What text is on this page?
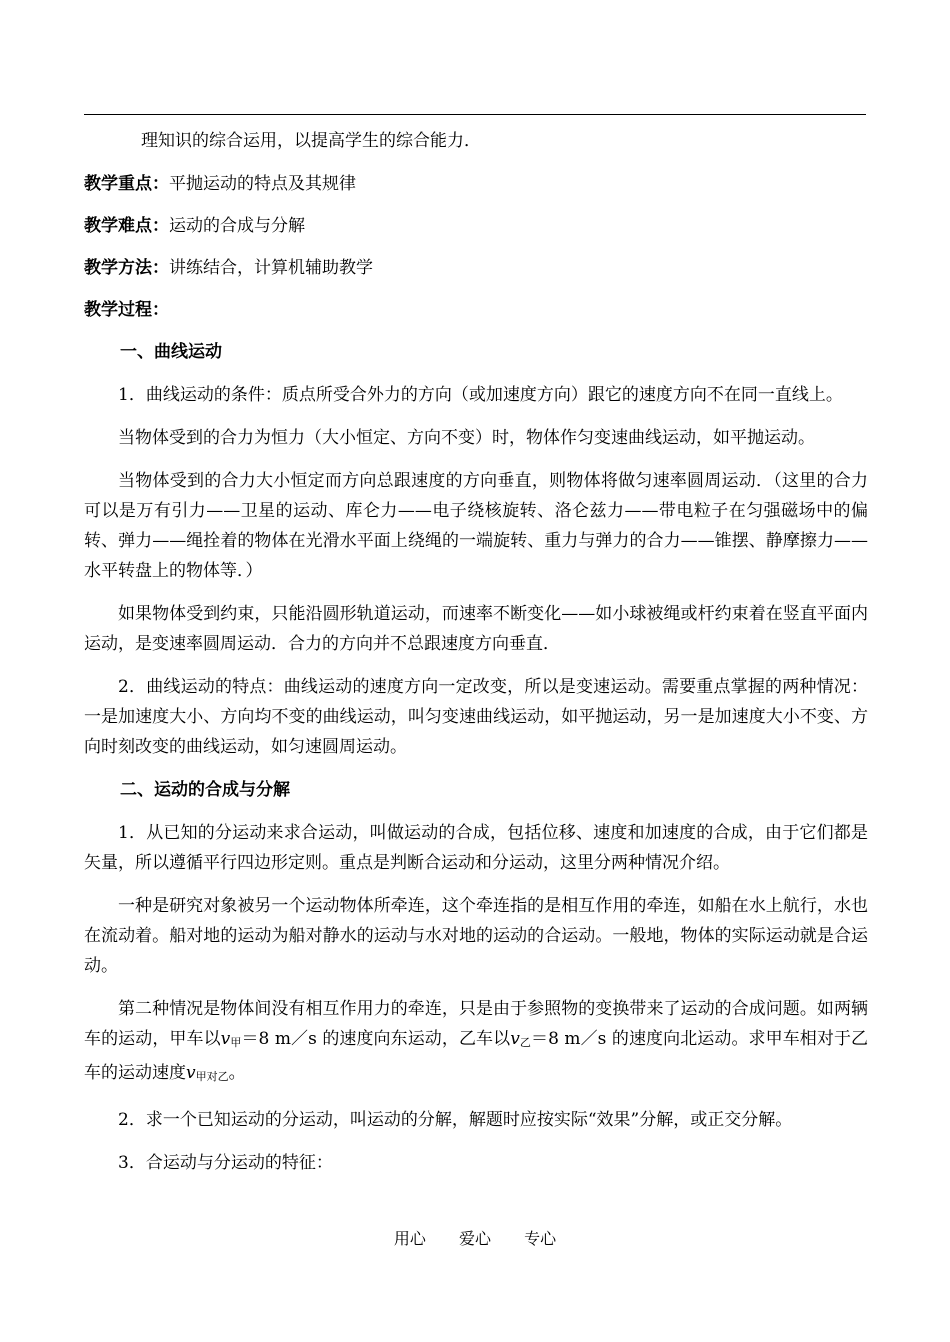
理知识的综合运用，以提高学生的综合能力．

教学重点：平抛运动的特点及其规律

教学难点：运动的合成与分解

教学方法：讲练结合，计算机辅助教学

教学过程：

一、曲线运动

1．曲线运动的条件：质点所受合外力的方向（或加速度方向）跟它的速度方向不在同一直线上。

当物体受到的合力为恒力（大小恒定、方向不变）时，物体作匀变速曲线运动，如平抛运动。

当物体受到的合力大小恒定而方向总跟速度的方向垂直，则物体将做匀速率圆周运动．（这里的合力可以是万有引力——卫星的运动、库仑力——电子绕核旋转、洛仑兹力——带电粒子在匀强磁场中的偏转、弹力——绳拴着的物体在光滑水平面上绕绳的一端旋转、重力与弹力的合力——锥摆、静摩擦力——水平转盘上的物体等．）

如果物体受到约束，只能沿圆形轨道运动，而速率不断变化——如小球被绳或杆约束着在竖直平面内运动，是变速率圆周运动．合力的方向并不总跟速度方向垂直．

2．曲线运动的特点：曲线运动的速度方向一定改变，所以是变速运动。需要重点掌握的两种情况：一是加速度大小、方向均不变的曲线运动，叫匀变速曲线运动，如平抛运动，另一是加速度大小不变、方向时刻改变的曲线运动，如匀速圆周运动。

二、运动的合成与分解

1．从已知的分运动来求合运动，叫做运动的合成，包括位移、速度和加速度的合成，由于它们都是矢量，所以遵循平行四边形定则。重点是判断合运动和分运动，这里分两种情况介绍。

一种是研究对象被另一个运动物体所牵连，这个牵连指的是相互作用的牵连，如船在水上航行，水也在流动着。船对地的运动为船对静水的运动与水对地的运动的合运动。一般地，物体的实际运动就是合运动。

第二种情况是物体间没有相互作用力的牵连，只是由于参照物的变换带来了运动的合成问题。如两辆车的运动，甲车以v甲＝8 m／s 的速度向东运动，乙车以v乙＝8 m／s 的速度向北运动。求甲车相对于乙车的运动速度v甲对乙。

2．求一个已知运动的分运动，叫运动的分解，解题时应按实际“效果”分解，或正交分解。

3．合运动与分运动的特征：

用心 爱心 专心
